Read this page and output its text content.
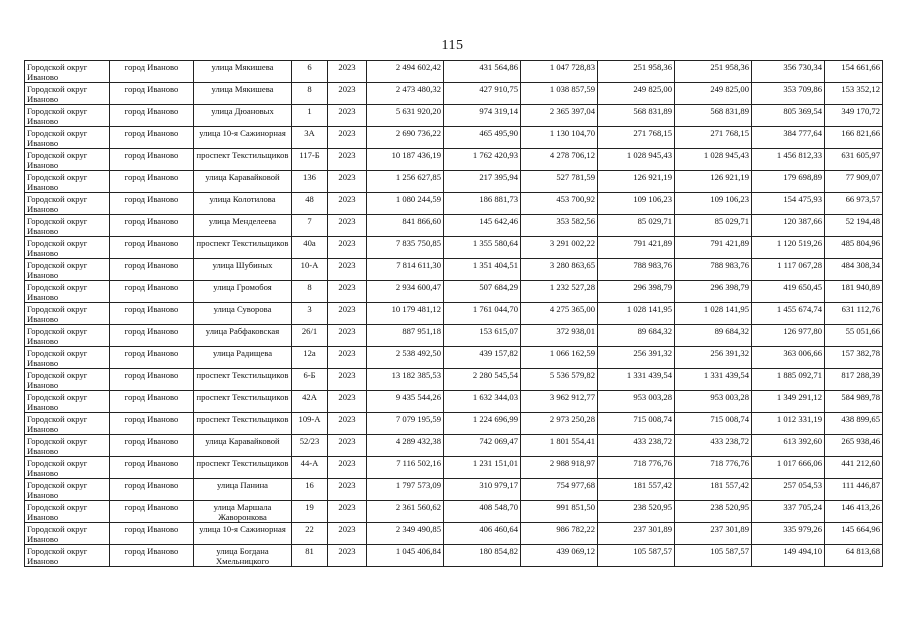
115
Городской округ Иваново	город Иваново	улица Мякишева	6	2023	2 494 602,42	431 564,86	1 047 728,83	251 958,36	251 958,36	356 730,34	154 661,66
Городской округ Иваново	город Иваново	улица Мякишева	8	2023	2 473 480,32	427 910,75	1 038 857,59	249 825,00	249 825,00	353 709,86	153 352,12
Городской округ Иваново	город Иваново	улица Дюановых	1	2023	5 631 920,20	974 319,14	2 365 397,04	568 831,89	568 831,89	805 369,54	349 170,72
Городской округ Иваново	город Иваново	улица 10-я Сажинорная	3А	2023	2 690 736,22	465 495,90	1 130 104,70	271 768,15	271 768,15	384 777,64	166 821,66
Городской округ Иваново	город Иваново	проспект Текстильщиков	117-Б	2023	10 187 436,19	1 762 420,93	4 278 706,12	1 028 945,43	1 028 945,43	1 456 812,33	631 605,97
Городской округ Иваново	город Иваново	улица Каравайковой	136	2023	1 256 627,85	217 395,94	527 781,59	126 921,19	126 921,19	179 698,89	77 909,07
Городской округ Иваново	город Иваново	улица Колотилова	48	2023	1 080 244,59	186 881,73	453 700,92	109 106,23	109 106,23	154 475,93	66 973,57
Городской округ Иваново	город Иваново	улица Менделеева	7	2023	841 866,60	145 642,46	353 582,56	85 029,71	85 029,71	120 387,66	52 194,48
Городской округ Иваново	город Иваново	проспект Текстильщиков	40а	2023	7 835 750,85	1 355 580,64	3 291 002,22	791 421,89	791 421,89	1 120 519,26	485 804,96
Городской округ Иваново	город Иваново	улица Шубиных	10-А	2023	7 814 611,30	1 351 404,51	3 280 863,65	788 983,76	788 983,76	1 117 067,28	484 308,34
Городской округ Иваново	город Иваново	улица Громобоя	8	2023	2 934 600,47	507 684,29	1 232 527,28	296 398,79	296 398,79	419 650,45	181 940,89
Городской округ Иваново	город Иваново	улица Суворова	3	2023	10 179 481,12	1 761 044,70	4 275 365,00	1 028 141,95	1 028 141,95	1 455 674,74	631 112,76
Городской округ Иваново	город Иваново	улица Рабфаковская	26/1	2023	887 951,18	153 615,07	372 938,01	89 684,32	89 684,32	126 977,80	55 051,66
Городской округ Иваново	город Иваново	улица Радищева	12а	2023	2 538 492,50	439 157,82	1 066 162,59	256 391,32	256 391,32	363 006,66	157 382,78
Городской округ Иваново	город Иваново	проспект Текстильщиков	6-Б	2023	13 182 385,53	2 280 545,54	5 536 579,82	1 331 439,54	1 331 439,54	1 885 092,71	817 288,39
Городской округ Иваново	город Иваново	проспект Текстильщиков	42А	2023	9 435 544,26	1 632 344,03	3 962 912,77	953 003,28	953 003,28	1 349 291,12	584 989,78
Городской округ Иваново	город Иваново	проспект Текстильщиков	109-А	2023	7 079 195,59	1 224 696,99	2 973 250,28	715 008,74	715 008,74	1 012 331,19	438 899,65
Городской округ Иваново	город Иваново	улица Каравайковой	52/23	2023	4 289 432,38	742 069,47	1 801 554,41	433 238,72	433 238,72	613 392,60	265 938,46
Городской округ Иваново	город Иваново	проспект Текстильщиков	44-А	2023	7 116 502,16	1 231 151,01	2 988 918,97	718 776,76	718 776,76	1 017 666,06	441 212,60
Городской округ Иваново	город Иваново	улица Панина	16	2023	1 797 573,09	310 979,17	754 977,68	181 557,42	181 557,42	257 054,53	111 446,87
Городской округ Иваново	город Иваново	улица Маршала Жаворонкова	19	2023	2 361 560,62	408 548,70	991 851,50	238 520,95	238 520,95	337 705,24	146 413,26
Городской округ Иваново	город Иваново	улица 10-я Сажинорная	22	2023	2 349 490,85	406 460,64	986 782,22	237 301,89	237 301,89	335 979,26	145 664,96
Городской округ Иваново	город Иваново	улица Богдана Хмельницкого	81	2023	1 045 406,84	180 854,82	439 069,12	105 587,57	105 587,57	149 494,10	64 813,68
